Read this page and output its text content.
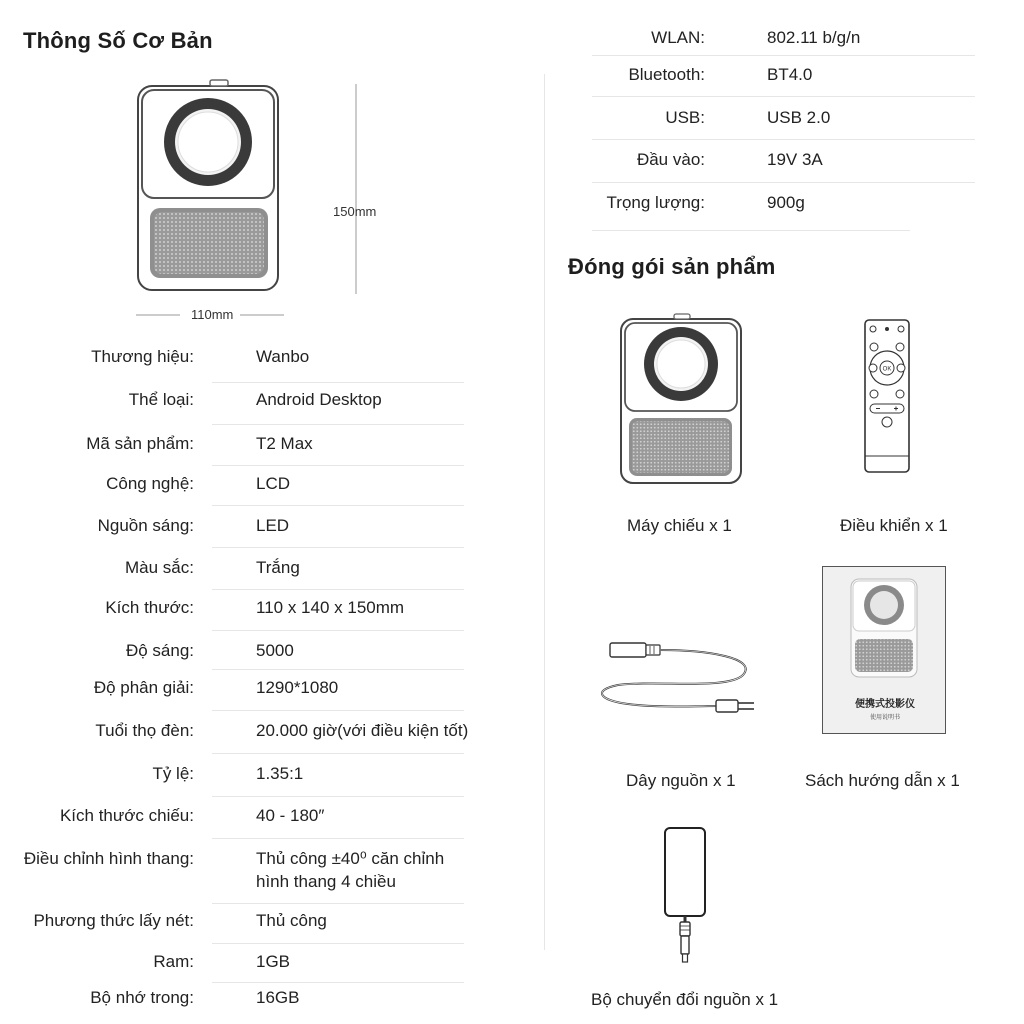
Thông Số Cơ Bản
150mm
110mm
Thương hiệu:	Wanbo
Thể loại:	Android Desktop
Mã sản phẩm:	T2 Max
Công nghệ:	LCD
Nguồn sáng:	LED
Màu sắc:	Trắng
Kích thước:	110 x 140 x 150mm
Độ sáng:	5000
Độ phân giải:	1290*1080
Tuổi thọ đèn:	20.000 giờ(với điều kiện tốt)
Tỷ lệ:	1.35:1
Kích thước chiếu:	40 - 180″
Điều chỉnh hình thang:	Thủ công ±40⁰ căn chỉnh
hình thang 4 chiều
Phương thức lấy nét:	Thủ công
Ram:	1GB
Bộ nhớ trong:	16GB
WLAN:	802.11 b/g/n
Bluetooth:	BT4.0
USB:	USB 2.0
Đầu vào:	19V 3A
Trọng lượng:	900g
Đóng gói sản phẩm
Máy chiếu x 1
OK
Điều khiển x 1
Dây nguồn x 1
便携式投影仪
使用说明书
Sách hướng dẫn x 1
Bộ chuyển đổi nguồn x 1
